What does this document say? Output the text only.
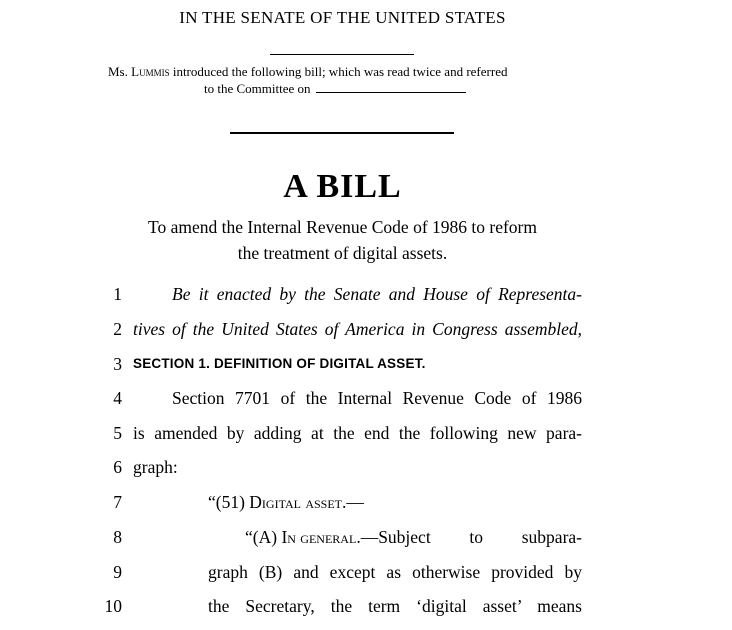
IN THE SENATE OF THE UNITED STATES
Ms. Lummis introduced the following bill; which was read twice and referred
to the Committee on
A BILL
To amend the Internal Revenue Code of 1986 to reform
the treatment of digital assets.
1	Be it enacted by the Senate and House of Representa-
2 tives of the United States of America in Congress assembled,
3 SECTION 1. DEFINITION OF DIGITAL ASSET.
4	Section 7701 of the Internal Revenue Code of 1986
5 is amended by adding at the end the following new para-
6 graph:
7	“(51) Digital asset.—
8	“(A) In general .—Subject to subpara-
9	graph (B) and except as otherwise provided by
10	the Secretary, the term ‘digital asset’ means
